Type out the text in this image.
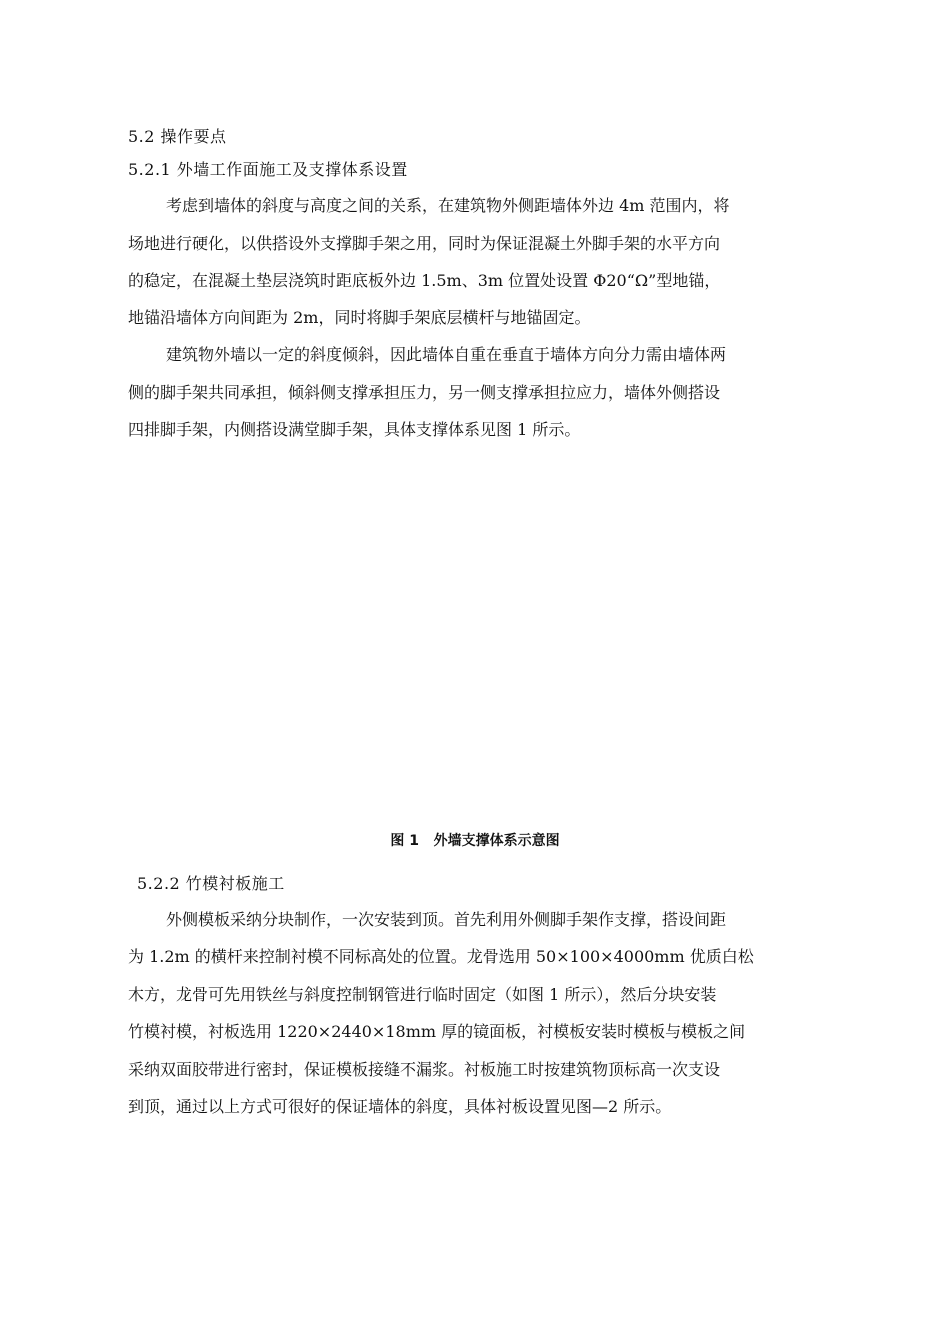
5.2 操作要点
5.2.1 外墙工作面施工及支撑体系设置
考虑到墙体的斜度与高度之间的关系，在建筑物外侧距墙体外边 4m 范围内，将
场地进行硬化，以供搭设外支撑脚手架之用，同时为保证混凝土外脚手架的水平方向
的稳定，在混凝土垫层浇筑时距底板外边 1.5m、3m 位置处设置 Φ20“Ω”型地锚，
地锚沿墙体方向间距为 2m，同时将脚手架底层横杆与地锚固定。
建筑物外墙以一定的斜度倾斜，因此墙体自重在垂直于墙体方向分力需由墙体两
侧的脚手架共同承担，倾斜侧支撑承担压力，另一侧支撑承担拉应力，墙体外侧搭设
四排脚手架，内侧搭设满堂脚手架，具体支撑体系见图 1 所示。
图 1   外墙支撑体系示意图
5.2.2 竹模衬板施工
外侧模板采纳分块制作，一次安装到顶。首先利用外侧脚手架作支撑，搭设间距
为 1.2m 的横杆来控制衬模不同标高处的位置。龙骨选用 50×100×4000mm 优质白松
木方，龙骨可先用铁丝与斜度控制钢管进行临时固定（如图 1 所示），然后分块安装
竹模衬模，衬板选用 1220×2440×18mm 厚的镜面板，衬模板安装时模板与模板之间
采纳双面胶带进行密封，保证模板接缝不漏浆。衬板施工时按建筑物顶标高一次支设
到顶，通过以上方式可很好的保证墙体的斜度，具体衬板设置见图—2 所示。
